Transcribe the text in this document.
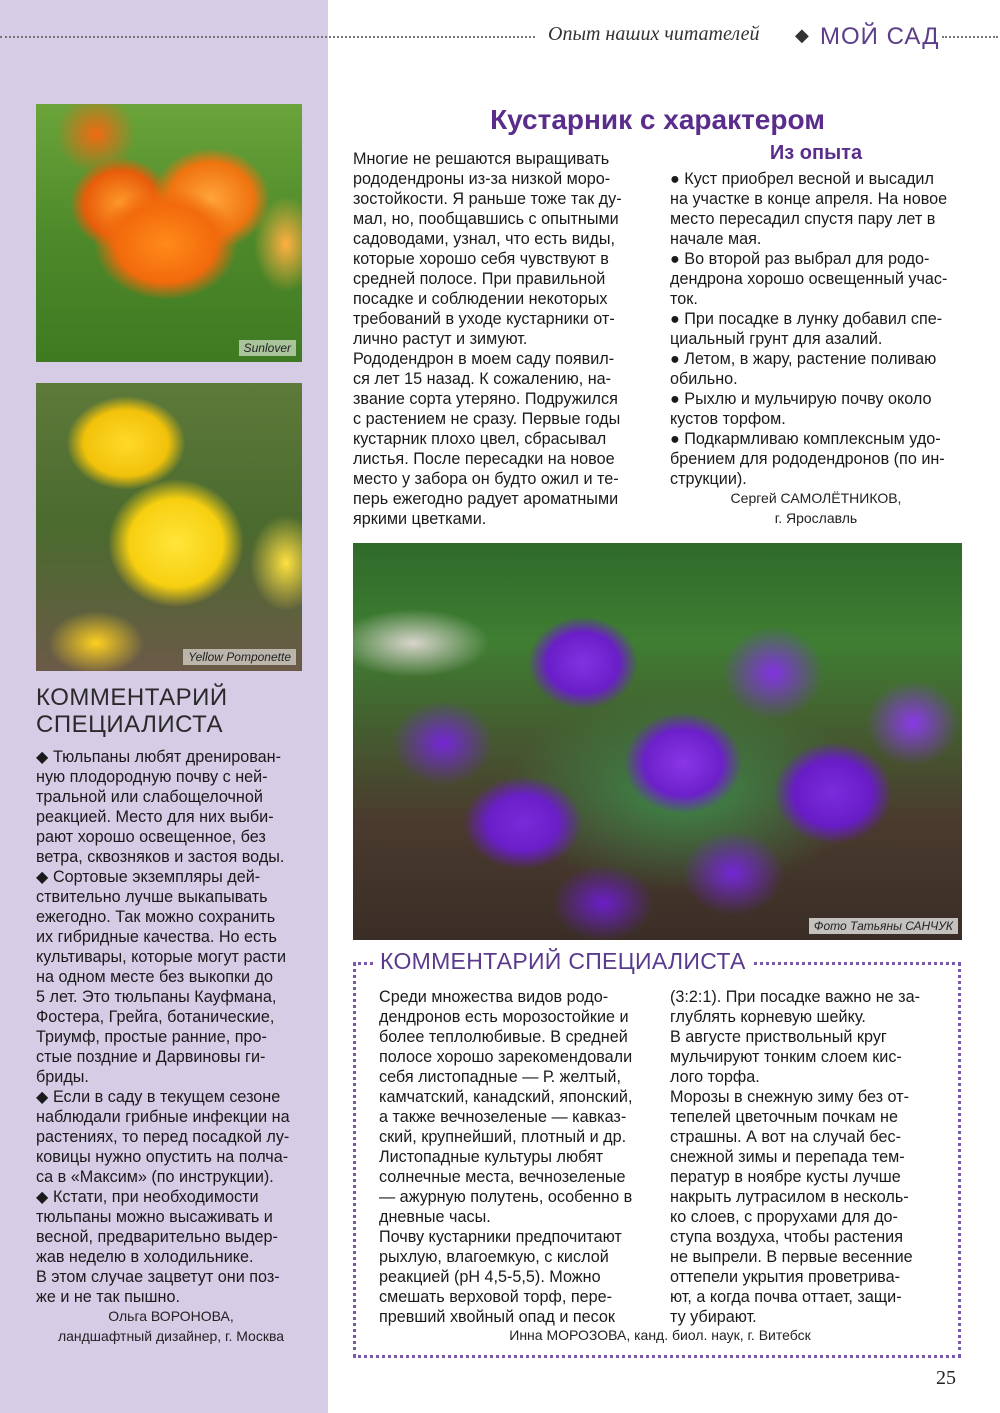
Опыт наших читателей ◆ МОЙ САД
Sunlover
Yellow Pomponette
КОММЕНТАРИЙ
СПЕЦИАЛИСТА

◆ Тюльпаны любят дренирован-

ную плодородную почву с ней-

тральной или слабощелочной

реакцией. Место для них выби-

рают хорошо освещенное, без

ветра, сквозняков и застоя воды.

◆ Сортовые экземпляры дей-

ствительно лучше выкапывать

ежегодно. Так можно сохранить

их гибридные качества. Но есть

культивары, которые могут расти

на одном месте без выкопки до

5 лет. Это тюльпаны Кауфмана,

Фостера, Грейга, ботанические,

Триумф, простые ранние, про-

стые поздние и Дарвиновы ги-

бриды.

◆ Если в саду в текущем сезоне

наблюдали грибные инфекции на

растениях, то перед посадкой лу-

ковицы нужно опустить на полча-

са в «Максим» (по инструкции).

◆ Кстати, при необходимости

тюльпаны можно высаживать и

весной, предварительно выдер-

жав неделю в холодильнике.

В этом случае зацветут они поз-

же и не так пышно.

Ольга ВОРОНОВА,
ландшафтный дизайнер, г. Москва
Кустарник с характером
Из опыта

Многие не решаются выращивать

рододендроны из-за низкой моро-

зостойкости. Я раньше тоже так ду-

мал, но, пообщавшись с опытными

садоводами, узнал, что есть виды,

которые хорошо себя чувствуют в

средней полосе. При правильной

посадке и соблюдении некоторых

требований в уходе кустарники от-

лично растут и зимуют.

Рододендрон в моем саду появил-

ся лет 15 назад. К сожалению, на-

звание сорта утеряно. Подружился

с растением не сразу. Первые годы

кустарник плохо цвел, сбрасывал

листья. После пересадки на новое

место у забора он будто ожил и те-

перь ежегодно радует ароматными

яркими цветками.

● Куст приобрел весной и высадил

на участке в конце апреля. На новое

место пересадил спустя пару лет в

начале мая.

● Во второй раз выбрал для родо-

дендрона хорошо освещенный учас-

ток.

● При посадке в лунку добавил спе-

циальный грунт для азалий.

● Летом, в жару, растение поливаю

обильно.

● Рыхлю и мульчирую почву около

кустов торфом.

● Подкармливаю комплексным удо-

брением для рододендронов (по ин-

струкции).

Сергей САМОЛЁТНИКОВ,
г. Ярославль
Фото Татьяны САНЧУК
КОММЕНТАРИЙ СПЕЦИАЛИСТА

Среди множества видов родо-

дендронов есть морозостойкие и

более теплолюбивые. В средней

полосе хорошо зарекомендовали

себя листопадные — Р. желтый,

камчатский, канадский, японский,

а также вечнозеленые — кавказ-

ский, крупнейший, плотный и др.

Листопадные культуры любят

солнечные места, вечнозеленые

— ажурную полутень, особенно в

дневные часы.

Почву кустарники предпочитают

рыхлую, влагоемкую, с кислой

реакцией (рН 4,5-5,5). Можно

смешать верховой торф, пере-

превший хвойный опад и песок

(3:2:1). При посадке важно не за-

глублять корневую шейку.

В августе приствольный круг

мульчируют тонким слоем кис-

лого торфа.

Морозы в снежную зиму без от-

тепелей цветочным почкам не

страшны. А вот на случай бес-

снежной зимы и перепада тем-

ператур в ноябре кусты лучше

накрыть лутрасилом в несколь-

ко слоев, с прорухами для до-

ступа воздуха, чтобы растения

не выпрели. В первые весенние

оттепели укрытия проветрива-

ют, а когда почва оттает, защи-

ту убирают.

Инна МОРОЗОВА, канд. биол. наук, г. Витебск
25
